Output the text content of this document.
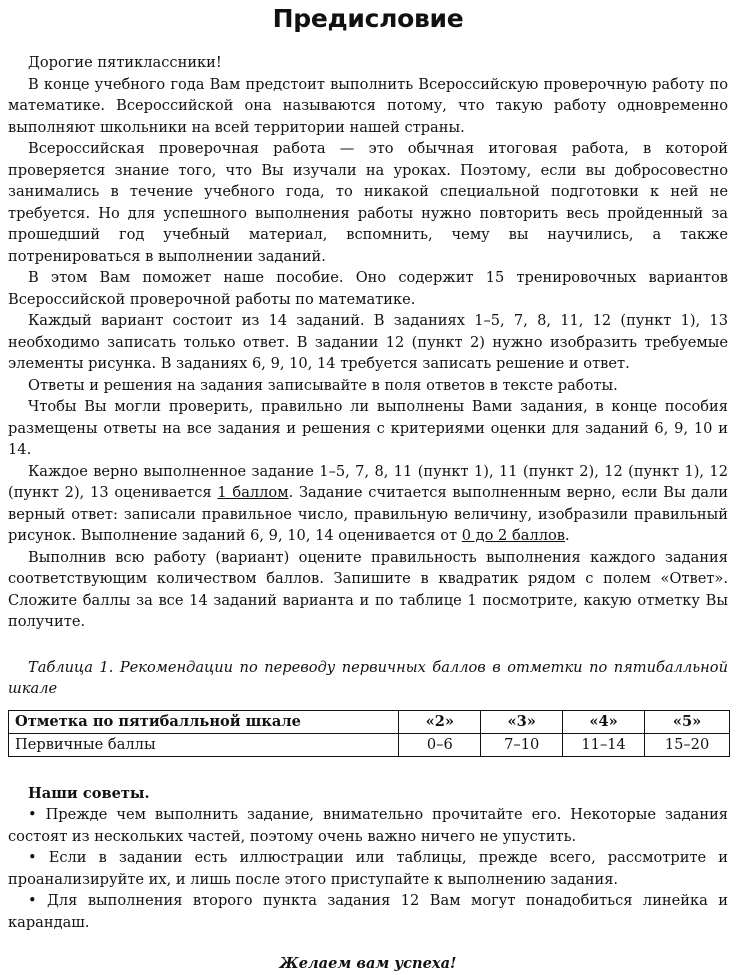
Предисловие

Дорогие пятиклассники!

В конце учебного года Вам предстоит выполнить Всероссийскую проверочную работу по математике. Всероссийской она называются потому, что такую работу одновременно выполняют школьники на всей территории нашей страны.

Всероссийская проверочная работа — это обычная итоговая работа, в которой проверяется знание того, что Вы изучали на уроках. Поэтому, если вы добросовестно занимались в течение учебного года, то никакой специальной подготовки к ней не требуется. Но для успешного выполнения работы нужно повторить весь пройденный за прошедший год учебный материал, вспомнить, чему вы научились, а также потренироваться в выполнении заданий.

В этом Вам поможет наше пособие. Оно содержит 15 тренировочных вариантов Всероссийской проверочной работы по математике.

Каждый вариант состоит из 14 заданий. В заданиях 1–5, 7, 8, 11, 12 (пункт 1), 13 необходимо записать только ответ. В задании 12 (пункт 2) нужно изобразить требуемые элементы рисунка. В заданиях 6, 9, 10, 14 требуется записать решение и ответ.

Ответы и решения на задания записывайте в поля ответов в тексте работы.

Чтобы Вы могли проверить, правильно ли выполнены Вами задания, в конце пособия размещены ответы на все задания и решения с критериями оценки для заданий 6, 9, 10 и 14.

Каждое верно выполненное задание 1–5, 7, 8, 11 (пункт 1), 11 (пункт 2), 12 (пункт 1), 12 (пункт 2), 13 оценивается 1 баллом. Задание считается выполненным верно, если Вы дали верный ответ: записали правильное число, правильную величину, изобразили правильный рисунок. Выполнение заданий 6, 9, 10, 14 оценивается от 0 до 2 баллов.

Выполнив всю работу (вариант) оцените правильность выполнения каждого задания соответствующим количеством баллов. Запишите в квадратик рядом с полем «Ответ». Сложите баллы за все 14 заданий варианта и по таблице 1 посмотрите, какую отметку Вы получите.

Таблица 1. Рекомендации по переводу первичных баллов в отметки по пятибалльной шкале
Отметка по пятибалльной шкале	«2»	«3»	«4»	«5»
Первичные баллы	0–6	7–10	11–14	15–20

Наши советы.

• Прежде чем выполнить задание, внимательно прочитайте его. Некоторые задания состоят из нескольких частей, поэтому очень важно ничего не упустить.

• Если в задании есть иллюстрации или таблицы, прежде всего, рассмотрите и проанализируйте их, и лишь после этого приступайте к выполнению задания.

• Для выполнения второго пункта задания 12 Вам могут понадобиться линейка и карандаш.

Желаем вам успеха!
